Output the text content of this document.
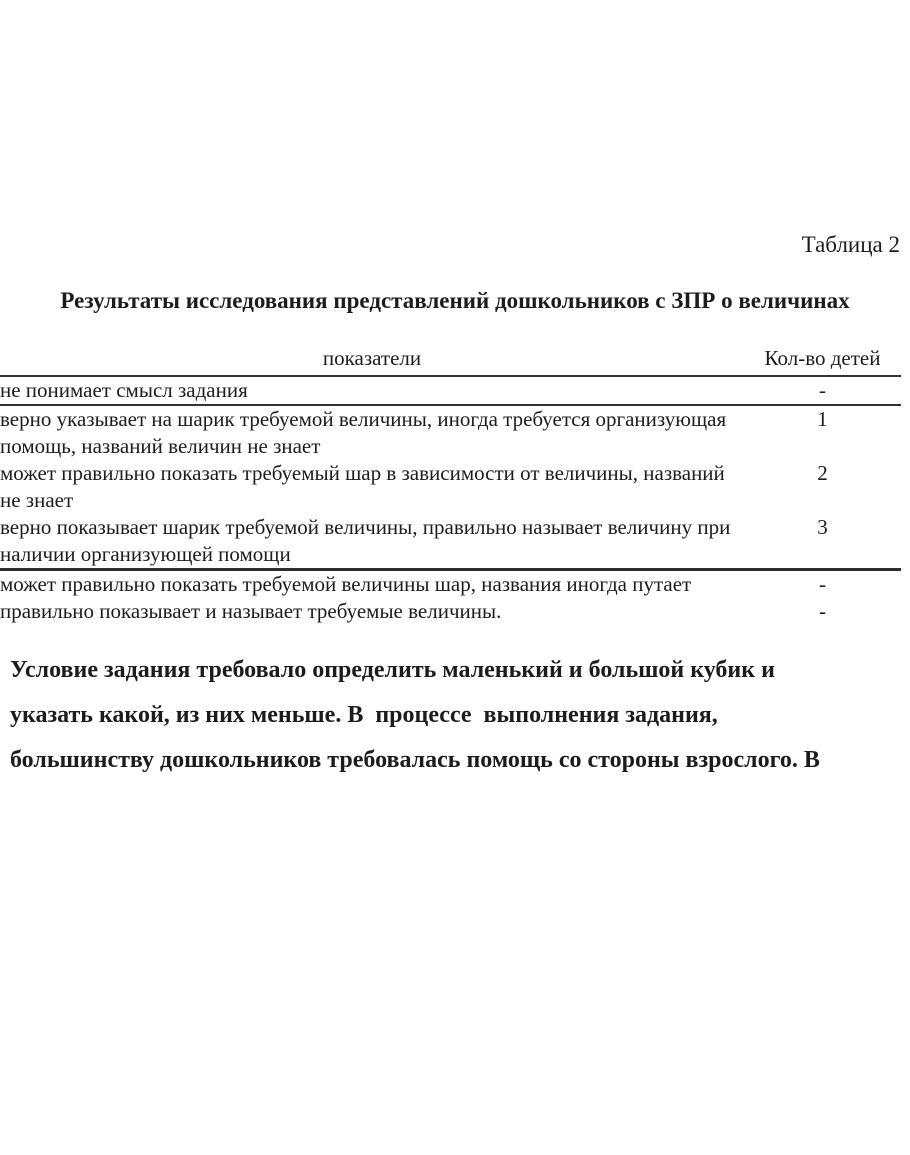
Таблица 2
Результаты исследования представлений дошкольников с ЗПР о величинах
показатели	Кол-во детей
не понимает смысл задания	-
верно указывает на шарик требуемой величины, иногда требуется организующая помощь, названий величин не знает	1
может правильно показать требуемый шар в зависимости от величины, названий не знает	2
верно показывает шарик требуемой величины, правильно называет величину при наличии организующей помощи	3
может правильно показать требуемой величины шар, названия иногда путает	-
правильно показывает и называет требуемые величины.	-
Условие задания требовало определить маленький и большой кубик и
указать какой, из них меньше. В  процессе  выполнения задания,
большинству дошкольников требовалась помощь со стороны взрослого. В
